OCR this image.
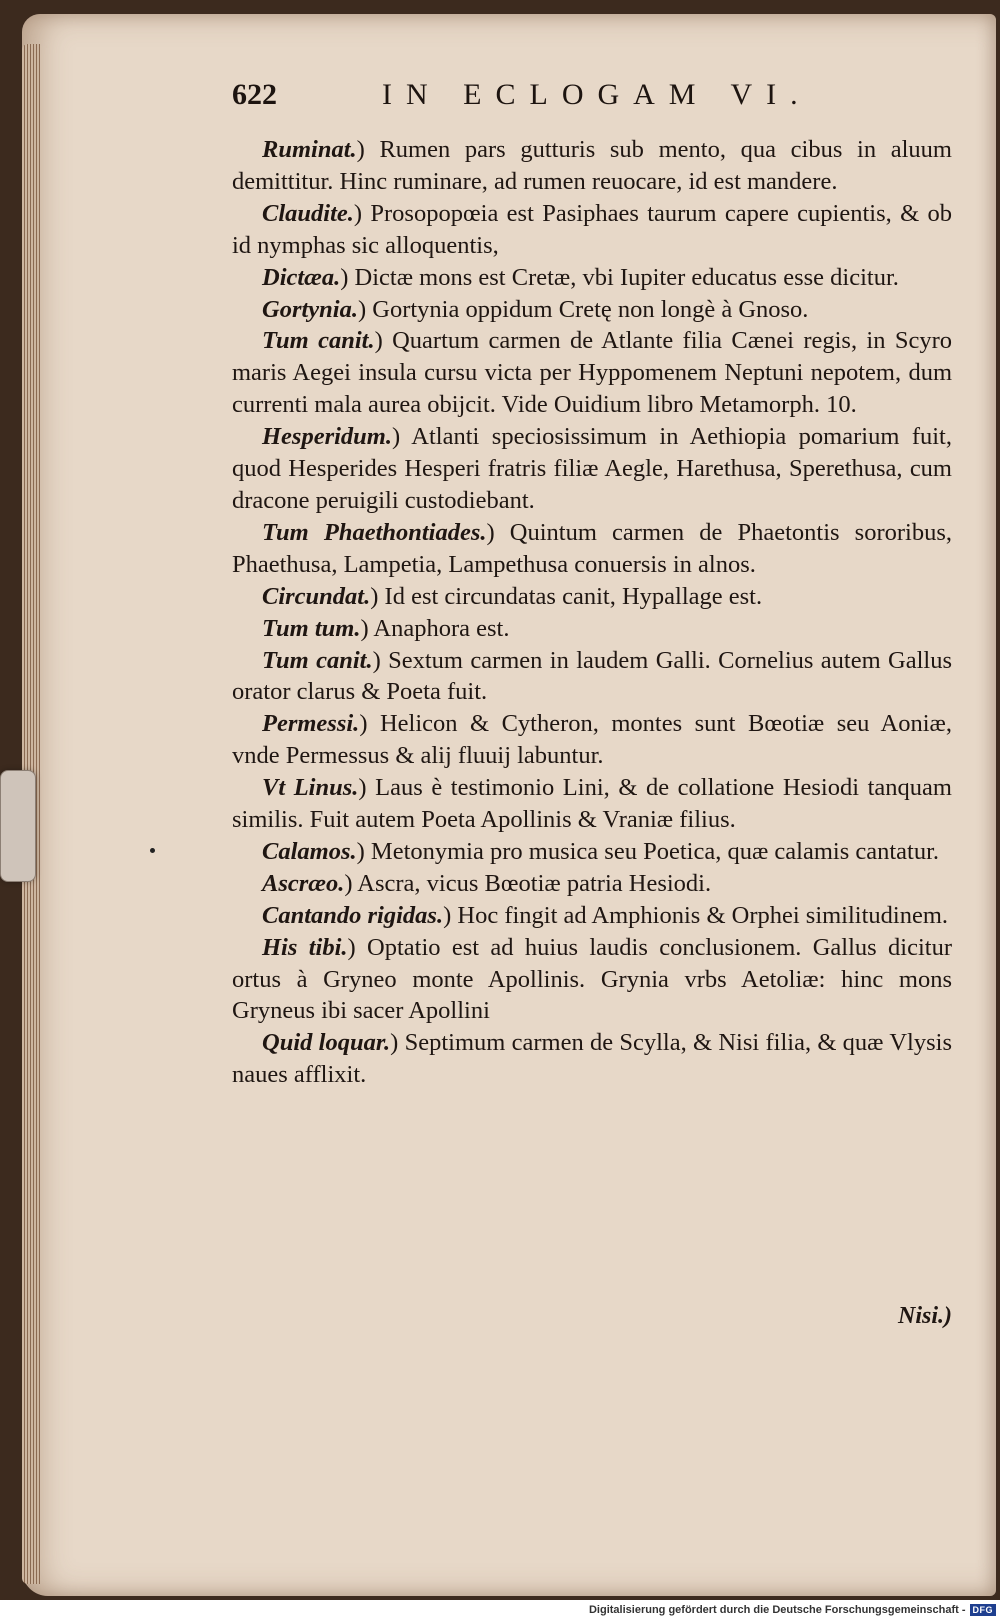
622	IN ECLOGAM VI.

Ruminat.) Rumen pars gutturis sub mento, qua cibus in aluum demittitur. Hinc ruminare, ad rumen reuocare, id est mandere.

Claudite.) Prosopopœia est Pasiphaes taurum capere cupientis, & ob id nymphas sic alloquentis,

Dictæa.) Dictæ mons est Cretæ, vbi Iupiter educatus esse dicitur.

Gortynia.) Gortynia oppidum Cretę non longè à Gnoso.

Tum canit.) Quartum carmen de Atlante filia Cænei regis, in Scyro maris Aegei insula cursu victa per Hyppomenem Neptuni nepotem, dum currenti mala aurea obijcit. Vide Ouidium libro Metamorph. 10.

Hesperidum.) Atlanti speciosissimum in Aethiopia pomarium fuit, quod Hesperides Hesperi fratris filiæ Aegle, Harethusa, Sperethusa, cum dracone peruigili custodiebant.

Tum Phaethontiades.) Quintum carmen de Phaetontis sororibus, Phaethusa, Lampetia, Lampethusa conuersis in alnos.

Circundat.) Id est circundatas canit, Hypallage est.

Tum tum.) Anaphora est.

Tum canit.) Sextum carmen in laudem Galli. Cornelius autem Gallus orator clarus & Poeta fuit.

Permessi.) Helicon & Cytheron, montes sunt Bœotiæ seu Aoniæ, vnde Permessus & alij fluuij labuntur.

Vt Linus.) Laus è testimonio Lini, & de collatione Hesiodi tanquam similis. Fuit autem Poeta Apollinis & Vraniæ filius.

Calamos.) Metonymia pro musica seu Poetica, quæ calamis cantatur.

Ascræo.) Ascra, vicus Bœotiæ patria Hesiodi.

Cantando rigidas.) Hoc fingit ad Amphionis & Orphei similitudinem.

His tibi.) Optatio est ad huius laudis conclusionem. Gallus dicitur ortus à Gryneo monte Apollinis. Grynia vrbs Aetoliæ: hinc mons Gryneus ibi sacer Apollini

Quid loquar.) Septimum carmen de Scylla, & Nisi filia, & quæ Vlysis naues afflixit.

Nisi.)
Digitalisierung gefördert durch die Deutsche Forschungsgemeinschaft - DFG
